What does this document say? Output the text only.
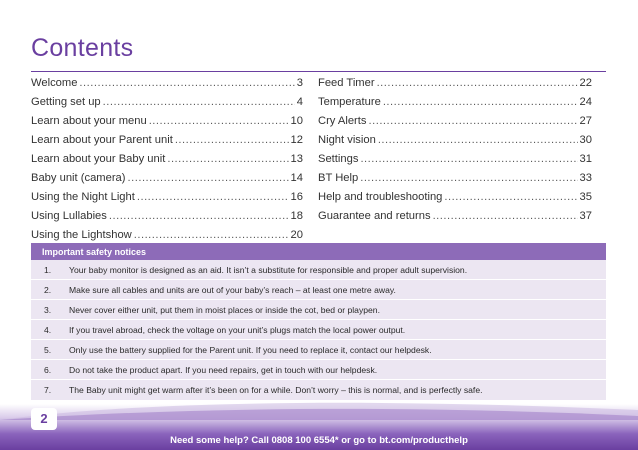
Contents
Welcome .....	3
Getting set up .....	4
Learn about your menu .....	10
Learn about your Parent unit .....	12
Learn about your Baby unit .....	13
Baby unit (camera) .....	14
Using the Night Light .....	16
Using Lullabies .....	18
Using the Lightshow .....	20
Feed Timer .....	22
Temperature .....	24
Cry Alerts .....	27
Night vision .....	30
Settings .....	31
BT Help .....	33
Help and troubleshooting .....	35
Guarantee and returns .....	37
Important safety notices
1.	Your baby monitor is designed as an aid. It isn’t a substitute for responsible and proper adult supervision.
2.	Make sure all cables and units are out of your baby’s reach – at least one metre away.
3.	Never cover either unit, put them in moist places or inside the cot, bed or playpen.
4.	If you travel abroad, check the voltage on your unit’s plugs match the local power output.
5.	Only use the battery supplied for the Parent unit. If you need to replace it, contact our helpdesk.
6.	Do not take the product apart. If you need repairs, get in touch with our helpdesk.
7.	The Baby unit might get warm after it’s been on for a while. Don’t worry – this is normal, and is perfectly safe.
2
Need some help? Call 0808 100 6554* or go to bt.com/producthelp
